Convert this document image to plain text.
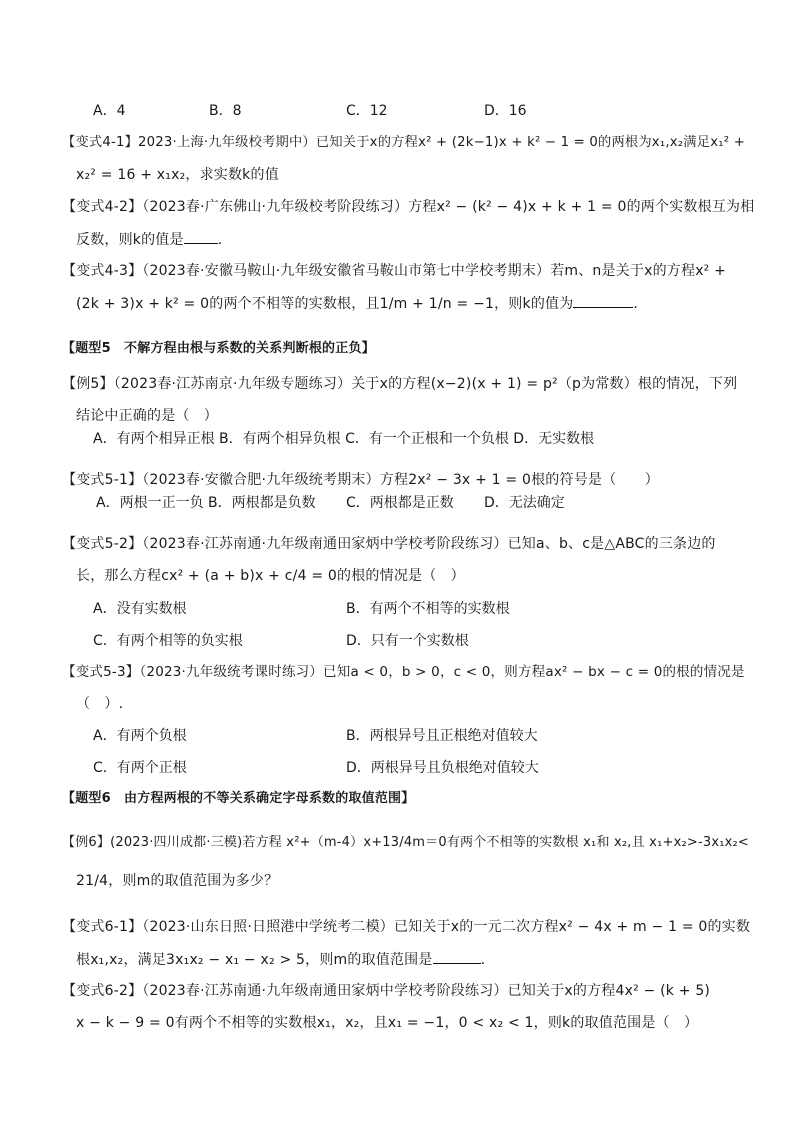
A．4	B．8	C．12	D．16
【变式4-1】2023·上海·九年级校考期中）已知关于x的方程x² + (2k−1)x + k² − 1 = 0的两根为x₁,x₂满足x₁² +
x₂² = 16 + x₁x₂，求实数k的值
【变式4-2】（2023春·广东佛山·九年级校考阶段练习）方程x² − (k² − 4)x + k + 1 = 0的两个实数根互为相
反数，则k的值是 .
【变式4-3】（2023春·安徽马鞍山·九年级安徽省马鞍山市第七中学校考期末）若m、n是关于x的方程x² +
(2k + 3)x + k² = 0的两个不相等的实数根，且1/m + 1/n = −1，则k的值为	.
【题型5　不解方程由根与系数的关系判断根的正负】
【例5】（2023春·江苏南京·九年级专题练习）关于x的方程(x−2)(x + 1) = p²（p为常数）根的情况，下列
结论中正确的是（　）
A．有两个相异正根 B．有两个相异负根 C．有一个正根和一个负根 D．无实数根
【变式5-1】（2023春·安徽合肥·九年级统考期末）方程2x² − 3x + 1 = 0根的符号是（　　）
A．两根一正一负 B．两根都是负数 C．两根都是正数 D．无法确定
【变式5-2】（2023春·江苏南通·九年级南通田家炳中学校考阶段练习）已知a、b、c是△ABC的三条边的
长，那么方程cx² + (a + b)x + c/4 = 0的根的情况是（　）
A．没有实数根	B．有两个不相等的实数根
C．有两个相等的负实根	D．只有一个实数根
【变式5-3】（2023·九年级统考课时练习）已知a < 0，b > 0，c < 0，则方程ax² − bx − c = 0的根的情况是
（　）.
A．有两个负根	B．两根异号且正根绝对值较大
C．有两个正根	D．两根异号且负根绝对值较大
【题型6　由方程两根的不等关系确定字母系数的取值范围】
【例6】(2023·四川成都·三模)若方程 x²+（m-4）x+13/4m＝0有两个不相等的实数根 x₁和 x₂,且 x₁+x₂>-3x₁x₂<
21/4，则m的取值范围为多少？
【变式6-1】（2023·山东日照·日照港中学统考二模）已知关于x的一元二次方程x² − 4x + m − 1 = 0的实数
根x₁,x₂，满足3x₁x₂ − x₁ − x₂ > 5，则m的取值范围是	.
【变式6-2】（2023春·江苏南通·九年级南通田家炳中学校考阶段练习）已知关于x的方程4x² − (k + 5)
x − k − 9 = 0有两个不相等的实数根x₁，x₂，且x₁ = −1，0 < x₂ < 1，则k的取值范围是（　）
